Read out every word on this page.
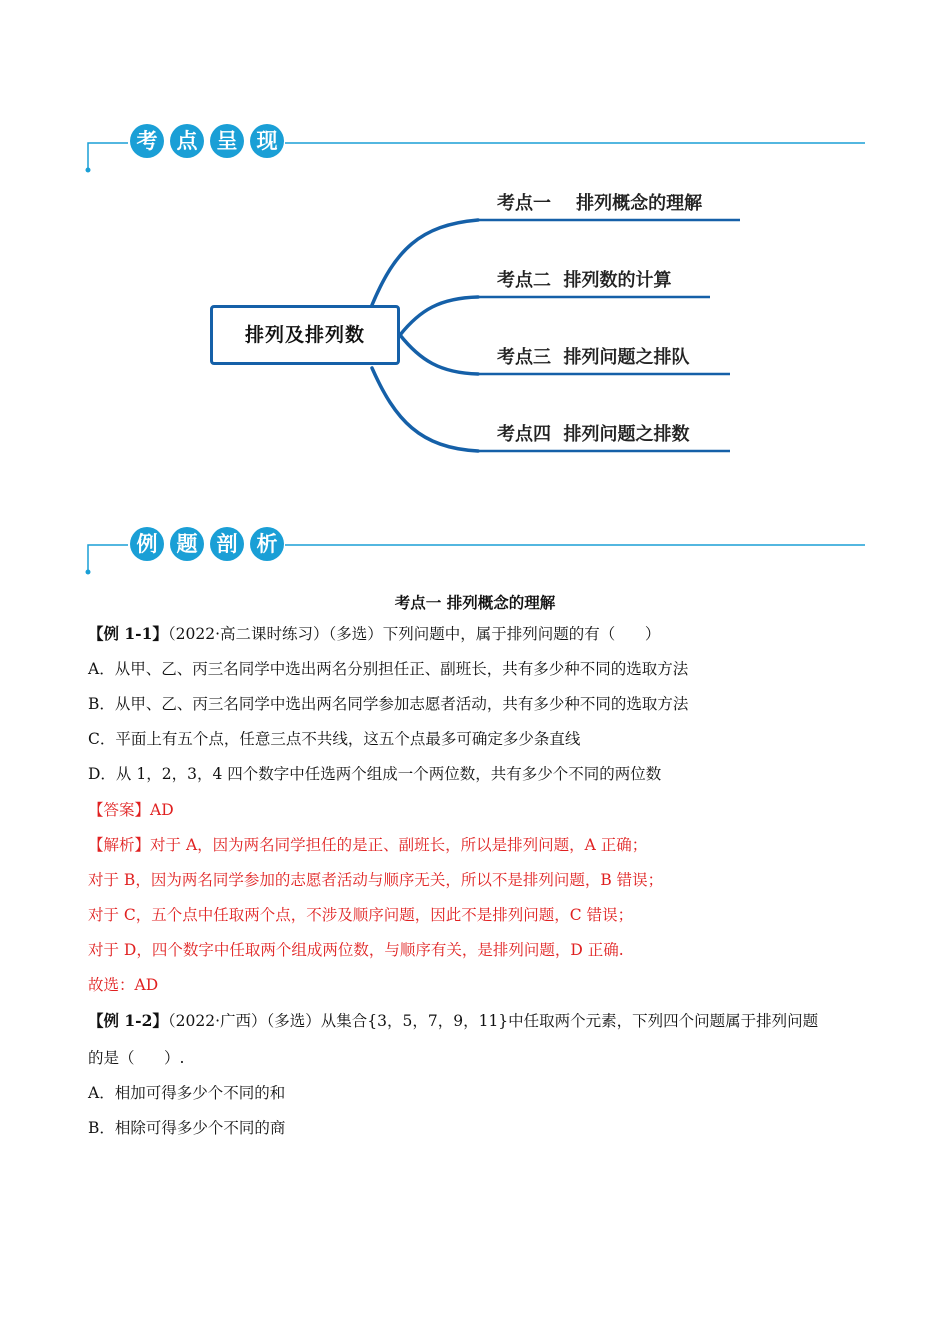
考 点 呈 现
排列及排列数
考点一    排列概念的理解
考点二  排列数的计算
考点三  排列问题之排队
考点四  排列问题之排数
例 题 剖 析
考点一 排列概念的理解
【例 1-1】（2022·高二课时练习）（多选）下列问题中，属于排列问题的有（      ）
A．从甲、乙、丙三名同学中选出两名分别担任正、副班长，共有多少种不同的选取方法
B．从甲、乙、丙三名同学中选出两名同学参加志愿者活动，共有多少种不同的选取方法
C．平面上有五个点，任意三点不共线，这五个点最多可确定多少条直线
D．从 1，2，3，4 四个数字中任选两个组成一个两位数，共有多少个不同的两位数
【答案】AD
【解析】对于 A，因为两名同学担任的是正、副班长，所以是排列问题，A 正确；
对于 B，因为两名同学参加的志愿者活动与顺序无关，所以不是排列问题，B 错误；
对于 C，五个点中任取两个点，不涉及顺序问题，因此不是排列问题，C 错误；
对于 D，四个数字中任取两个组成两位数，与顺序有关，是排列问题，D 正确.
故选：AD
【例 1-2】（2022·广西）（多选）从集合{3，5，7，9，11}中任取两个元素，下列四个问题属于排列问题
的是（      ）.
A．相加可得多少个不同的和
B．相除可得多少个不同的商
